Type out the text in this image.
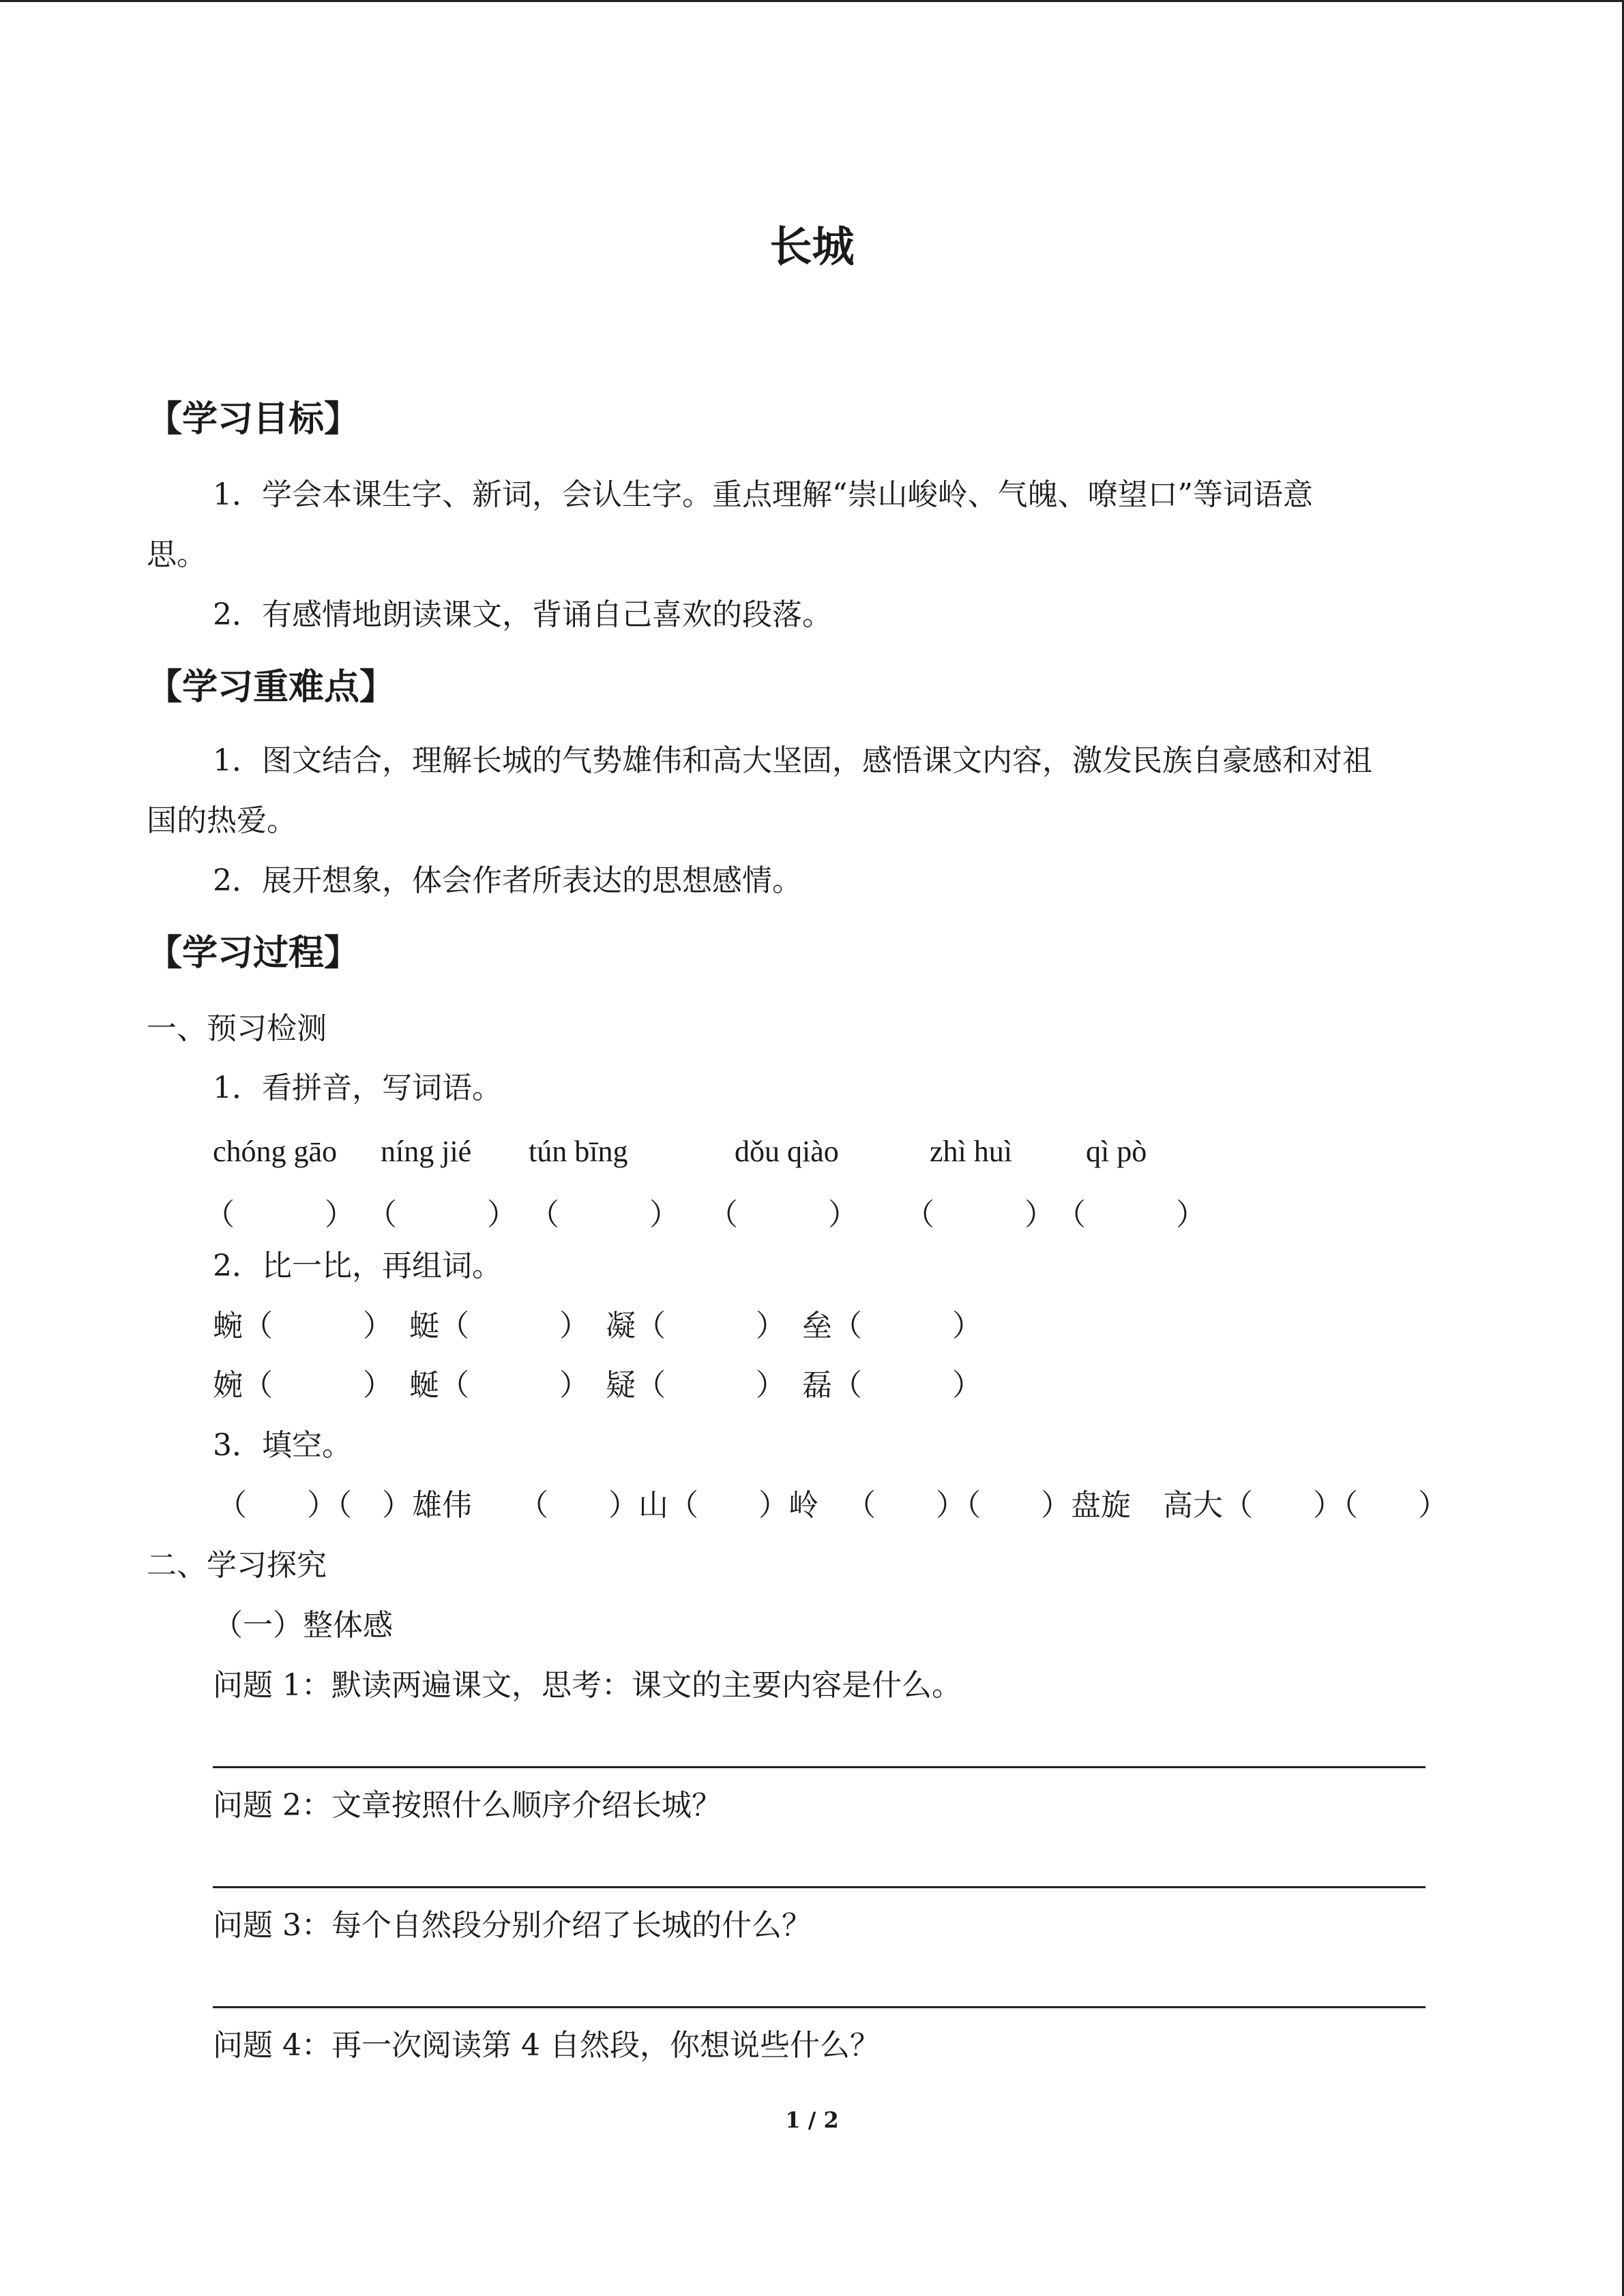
长城
【学习目标】
1．学会本课生字、新词，会认生字。重点理解“崇山峻岭、气魄、嘹望口”等词语意
思。
2．有感情地朗读课文，背诵自己喜欢的段落。
【学习重难点】
1．图文结合，理解长城的气势雄伟和高大坚固，感悟课文内容，激发民族自豪感和对祖
国的热爱。
2．展开想象，体会作者所表达的思想感情。
【学习过程】
一、预习检测
1．看拼音，写词语。
chóng gāo níng jié tún bīng	dǒu qiào	zhì huì qì pò
（　　　） （　　　） （　　　） （　　　） （　　　） （　　　）
2．比一比，再组词。
蜿（　　　） 蜓（　　　） 凝（　　　） 垒（　　　）
婉（　　　） 蜒（　　　） 疑（　　　） 磊（　　　）
3．填空。
（　　）（　）雄伟 （　　）山（　　）岭 （　　）（　　）盘旋 高大（　　）（　　）
二、学习探究
（一）整体感
问题 1：默读两遍课文，思考：课文的主要内容是什么。
问题 2：文章按照什么顺序介绍长城？
问题 3：每个自然段分别介绍了长城的什么？
问题 4：再一次阅读第 4 自然段，你想说些什么？
1 / 2
